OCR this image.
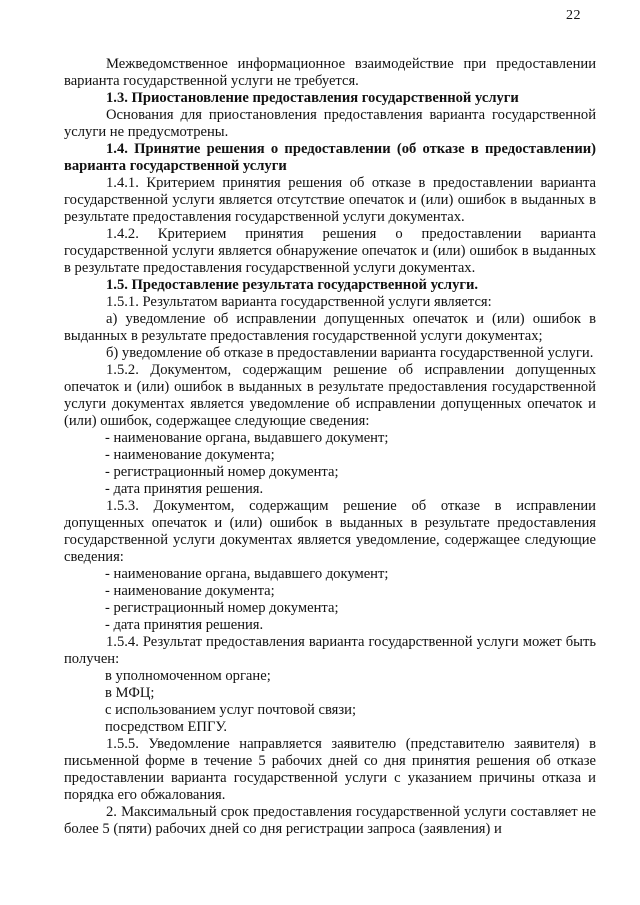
22

Межведомственное информационное взаимодействие при предоставлении варианта государственной услуги не требуется.

1.3. Приостановление предоставления государственной услуги

Основания для приостановления предоставления варианта государственной услуги не предусмотрены.

1.4. Принятие решения о предоставлении (об отказе в предоставлении) варианта государственной услуги

1.4.1. Критерием принятия решения об отказе в предоставлении варианта государственной услуги является отсутствие опечаток и (или) ошибок в выданных в результате предоставления государственной услуги документах.

1.4.2. Критерием принятия решения о предоставлении варианта государственной услуги является обнаружение опечаток и (или) ошибок в выданных в результате предоставления государственной услуги документах.

1.5. Предоставление результата государственной услуги.

1.5.1. Результатом варианта государственной услуги является:

а) уведомление об исправлении допущенных опечаток и (или) ошибок в выданных в результате предоставления государственной услуги документах;

б) уведомление об отказе в предоставлении варианта государственной услуги.

1.5.2. Документом, содержащим решение об исправлении допущенных опечаток и (или) ошибок в выданных в результате предоставления государственной услуги документах является уведомление об исправлении допущенных опечаток и (или) ошибок, содержащее следующие сведения:

- наименование органа, выдавшего документ;

- наименование документа;

- регистрационный номер документа;

- дата принятия решения.

1.5.3. Документом, содержащим решение об отказе в исправлении допущенных опечаток и (или) ошибок в выданных в результате предоставления государственной услуги документах является уведомление, содержащее следующие сведения:

- наименование органа, выдавшего документ;

- наименование документа;

- регистрационный номер документа;

- дата принятия решения.

1.5.4. Результат предоставления варианта государственной услуги может быть получен:

в уполномоченном органе;

в МФЦ;

с использованием услуг почтовой связи;

посредством ЕПГУ.

1.5.5. Уведомление направляется заявителю (представителю заявителя) в письменной форме в течение 5 рабочих дней со дня принятия решения об отказе предоставлении варианта государственной услуги с указанием причины отказа и порядка его обжалования.

2. Максимальный срок предоставления государственной услуги составляет не более 5 (пяти) рабочих дней со дня регистрации запроса (заявления) и
